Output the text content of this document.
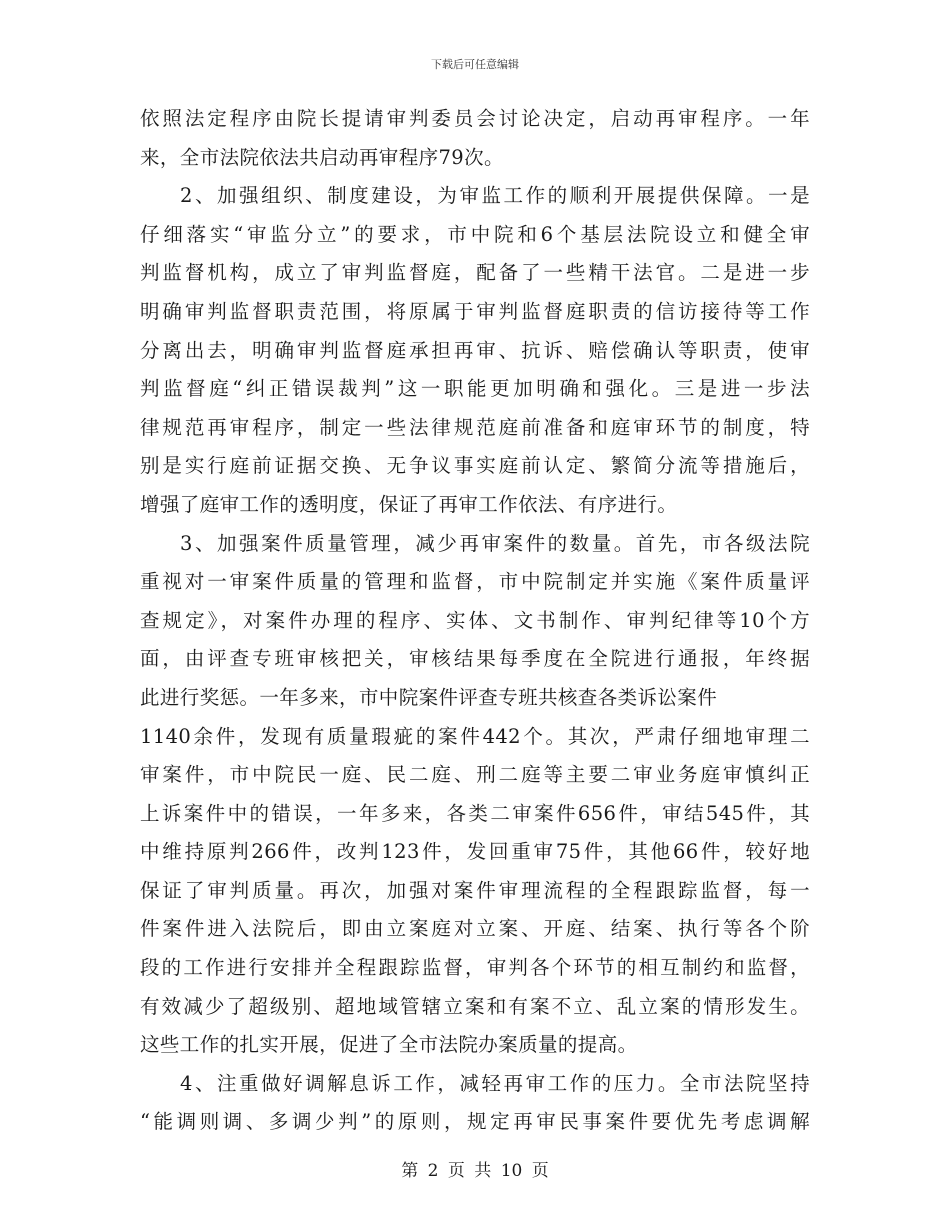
下载后可任意编辑
依照法定程序由院长提请审判委员会讨论决定，启动再审程序。一年
来，全市法院依法共启动再审程序79次。
2、加强组织、制度建设，为审监工作的顺利开展提供保障。一是
仔细落实“审监分立”的要求，市中院和6个基层法院设立和健全审
判监督机构，成立了审判监督庭，配备了一些精干法官。二是进一步
明确审判监督职责范围，将原属于审判监督庭职责的信访接待等工作
分离出去，明确审判监督庭承担再审、抗诉、赔偿确认等职责，使审
判监督庭“纠正错误裁判”这一职能更加明确和强化。三是进一步法
律规范再审程序，制定一些法律规范庭前准备和庭审环节的制度，特
别是实行庭前证据交换、无争议事实庭前认定、繁简分流等措施后，
增强了庭审工作的透明度，保证了再审工作依法、有序进行。
3、加强案件质量管理，减少再审案件的数量。首先，市各级法院
重视对一审案件质量的管理和监督，市中院制定并实施《案件质量评
查规定》，对案件办理的程序、实体、文书制作、审判纪律等10个方
面，由评查专班审核把关，审核结果每季度在全院进行通报，年终据
此进行奖惩。一年多来，市中院案件评查专班共核查各类诉讼案件
1140余件，发现有质量瑕疵的案件442个。其次，严肃仔细地审理二
审案件，市中院民一庭、民二庭、刑二庭等主要二审业务庭审慎纠正
上诉案件中的错误，一年多来，各类二审案件656件，审结545件，其
中维持原判266件，改判123件，发回重审75件，其他66件，较好地
保证了审判质量。再次，加强对案件审理流程的全程跟踪监督，每一
件案件进入法院后，即由立案庭对立案、开庭、结案、执行等各个阶
段的工作进行安排并全程跟踪监督，审判各个环节的相互制约和监督，
有效减少了超级别、超地域管辖立案和有案不立、乱立案的情形发生。
这些工作的扎实开展，促进了全市法院办案质量的提高。
4、注重做好调解息诉工作，减轻再审工作的压力。全市法院坚持
“能调则调、多调少判”的原则，规定再审民事案件要优先考虑调解
第 2 页 共 10 页
